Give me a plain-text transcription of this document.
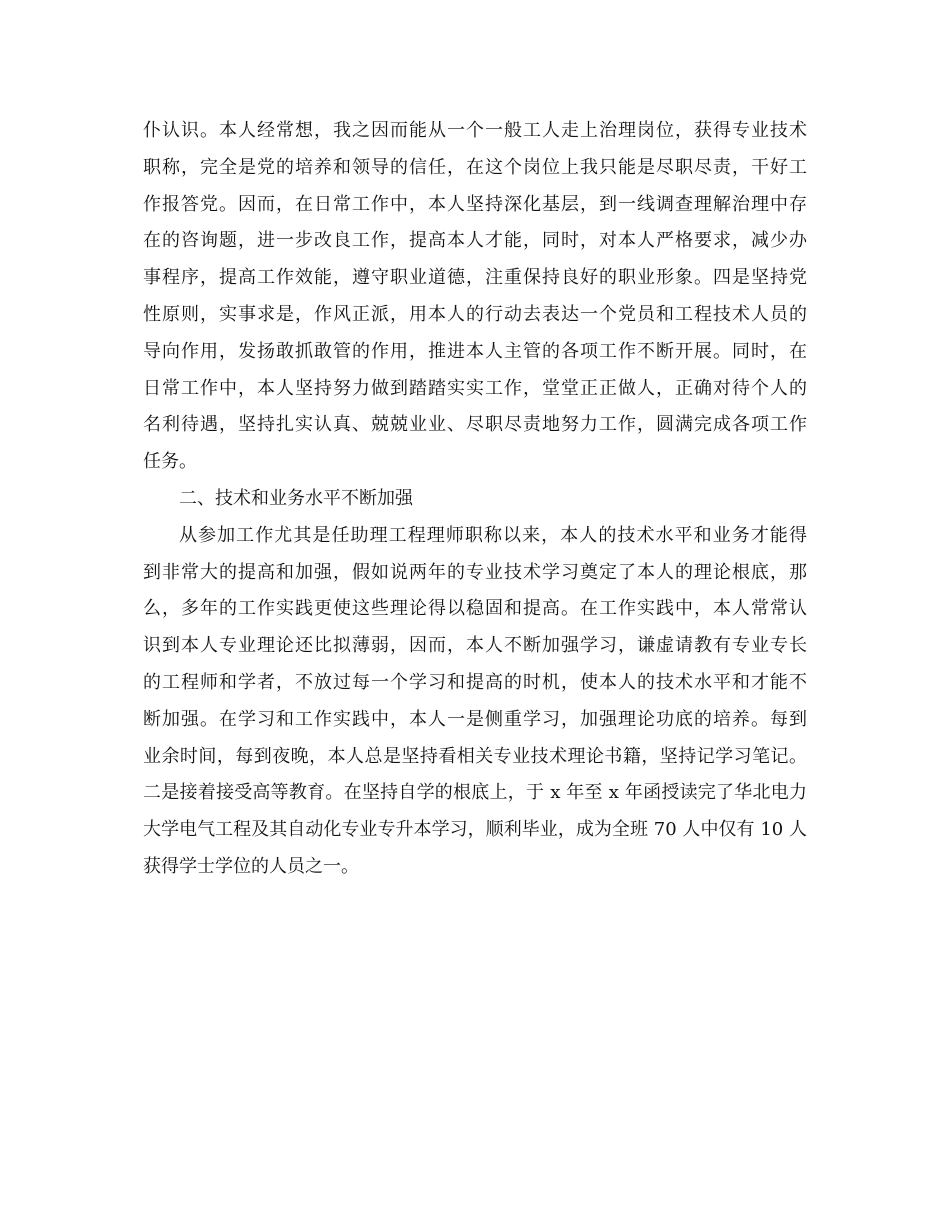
仆认识。本人经常想，我之因而能从一个一般工人走上治理岗位，获得专业技术
职称，完全是党的培养和领导的信任，在这个岗位上我只能是尽职尽责，干好工
作报答党。因而，在日常工作中，本人坚持深化基层，到一线调查理解治理中存
在的咨询题，进一步改良工作，提高本人才能，同时，对本人严格要求，减少办
事程序，提高工作效能，遵守职业道德，注重保持良好的职业形象。四是坚持党
性原则，实事求是，作风正派，用本人的行动去表达一个党员和工程技术人员的
导向作用，发扬敢抓敢管的作用，推进本人主管的各项工作不断开展。同时，在
日常工作中，本人坚持努力做到踏踏实实工作，堂堂正正做人，正确对待个人的
名利待遇，坚持扎实认真、兢兢业业、尽职尽责地努力工作，圆满完成各项工作
任务。
二、技术和业务水平不断加强
从参加工作尤其是任助理工程理师职称以来，本人的技术水平和业务才能得
到非常大的提高和加强，假如说两年的专业技术学习奠定了本人的理论根底，那
么，多年的工作实践更使这些理论得以稳固和提高。在工作实践中，本人常常认
识到本人专业理论还比拟薄弱，因而，本人不断加强学习，谦虚请教有专业专长
的工程师和学者，不放过每一个学习和提高的时机，使本人的技术水平和才能不
断加强。在学习和工作实践中，本人一是侧重学习，加强理论功底的培养。每到
业余时间，每到夜晚，本人总是坚持看相关专业技术理论书籍，坚持记学习笔记。
二是接着接受高等教育。在坚持自学的根底上，于 x 年至 x 年函授读完了华北电力
大学电气工程及其自动化专业专升本学习，顺利毕业，成为全班 70 人中仅有 10 人
获得学士学位的人员之一。
